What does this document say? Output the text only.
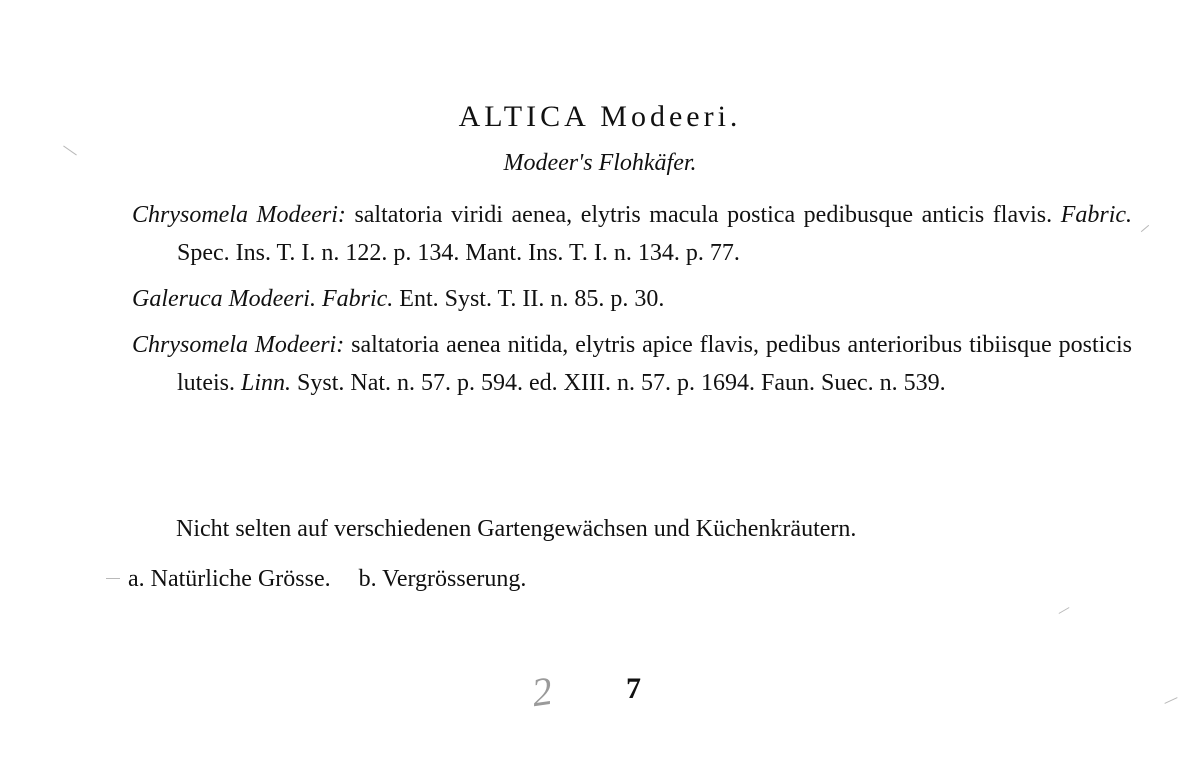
ALTICA Modeeri.

Modeer's Flohkäfer.

Chrysomela Modeeri: saltatoria viridi aenea, elytris macula postica pedibusque anticis flavis. Fabric. Spec. Ins. T. I. n. 122. p. 134. Mant. Ins. T. I. n. 134. p. 77.

Galeruca Modeeri. Fabric. Ent. Syst. T. II. n. 85. p. 30.

Chrysomela Modeeri: saltatoria aenea nitida, elytris apice flavis, pedibus anterioribus tibiisque posticis luteis. Linn. Syst. Nat. n. 57. p. 594. ed. XIII. n. 57. p. 1694. Faun. Suec. n. 539.

Nicht selten auf verschiedenen Gartengewächsen und Küchenkräutern.

a. Natürliche Grösse. b. Vergrösserung.

2 7
